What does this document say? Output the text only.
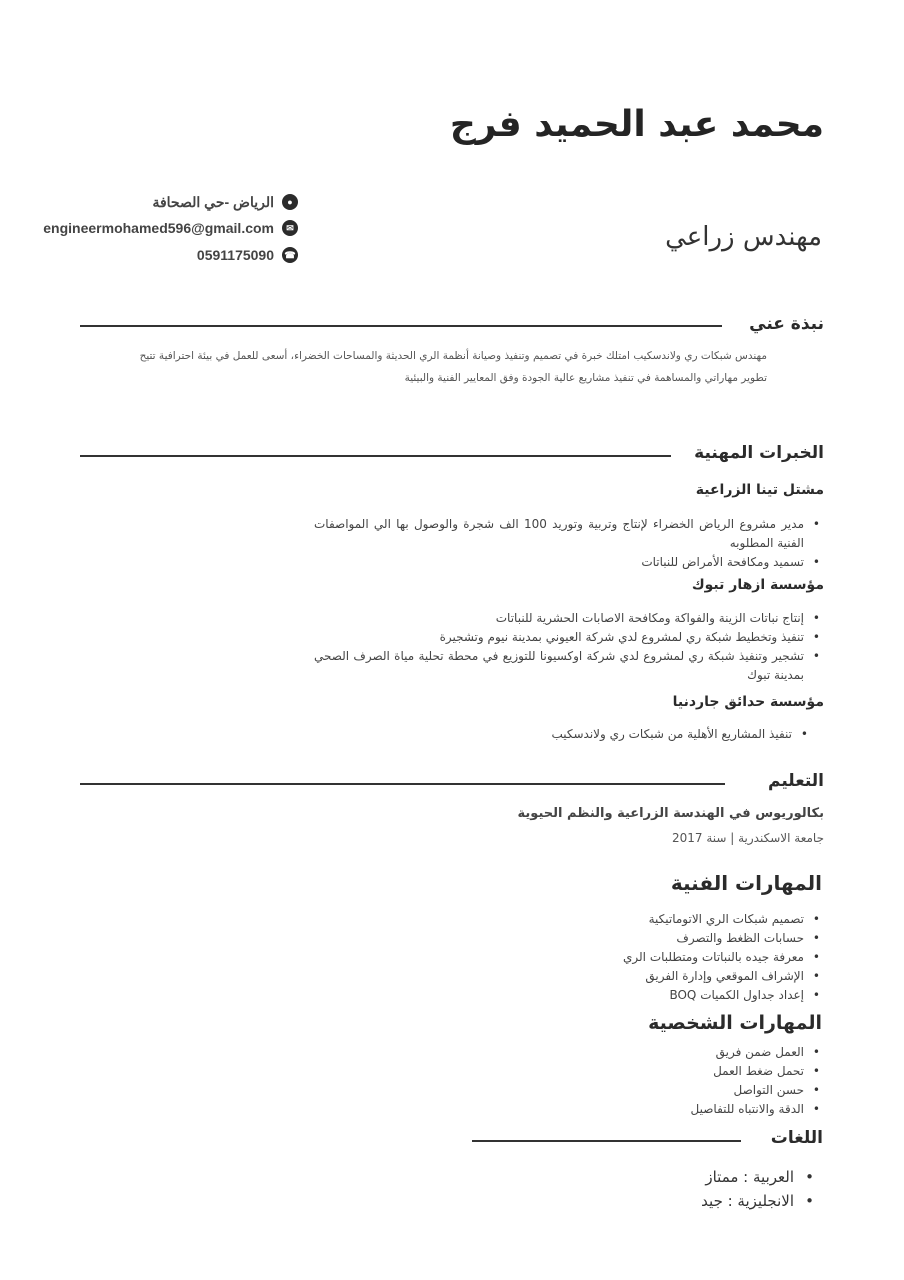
محمد عبد الحميد فرج
مهندس زراعي
الرياض -حي الصحافة	●
engineermohamed596@gmail.com	✉
0591175090 ☎
نبذة عني
مهندس شبكات ري ولاندسكيب امتلك خبرة في تصميم وتنفيذ وصيانة أنظمة الري الحديثة والمساحات الخضراء، أسعى للعمل في بيئة احترافية تتيح تطوير مهاراتي والمساهمة في تنفيذ مشاريع عالية الجودة وفق المعايير الفنية والبيئية
الخبرات المهنية
مشتل تينا الزراعية
• مدير مشروع الرياض الخضراء لإنتاج وتربية وتوريد 100 الف شجرة والوصول بها الي المواصفات الفنية المطلوبه
• تسميد ومكافحة الأمراض للنباتات
مؤسسة ازهار تبوك
• إنتاج نباتات الزينة والفواكة ومكافحة الاصابات الحشرية للنباتات
• تنفيذ وتخطيط شبكة ري لمشروع لدي شركة العيوني بمدينة نيوم وتشجيرة
• تشجير وتنفيذ شبكة ري لمشروع لدي شركة اوكسيونا للتوزيع في محطة تحلية مياة الصرف الصحي بمدينة تبوك
مؤسسة حدائق جاردنيا
• تنفيذ المشاريع الأهلية من شبكات ري ولاندسكيب
التعليم
بكالوريوس في الهندسة الزراعية والنظم الحيوية
جامعة الاسكندرية | سنة 2017
المهارات الفنية
• تصميم شبكات الري الاتوماتيكية
• حسابات الظغط والتصرف
• معرفة جيده بالنباتات ومتطلبات الري
• الإشراف الموقعي وإدارة الفريق
• إعداد جداول الكميات BOQ
المهارات الشخصية
• العمل ضمن فريق
• تحمل ضغط العمل
• حسن التواصل
• الدقة والانتباه للتفاصيل
اللغات
• العربية : ممتاز
• الانجليزية : جيد
